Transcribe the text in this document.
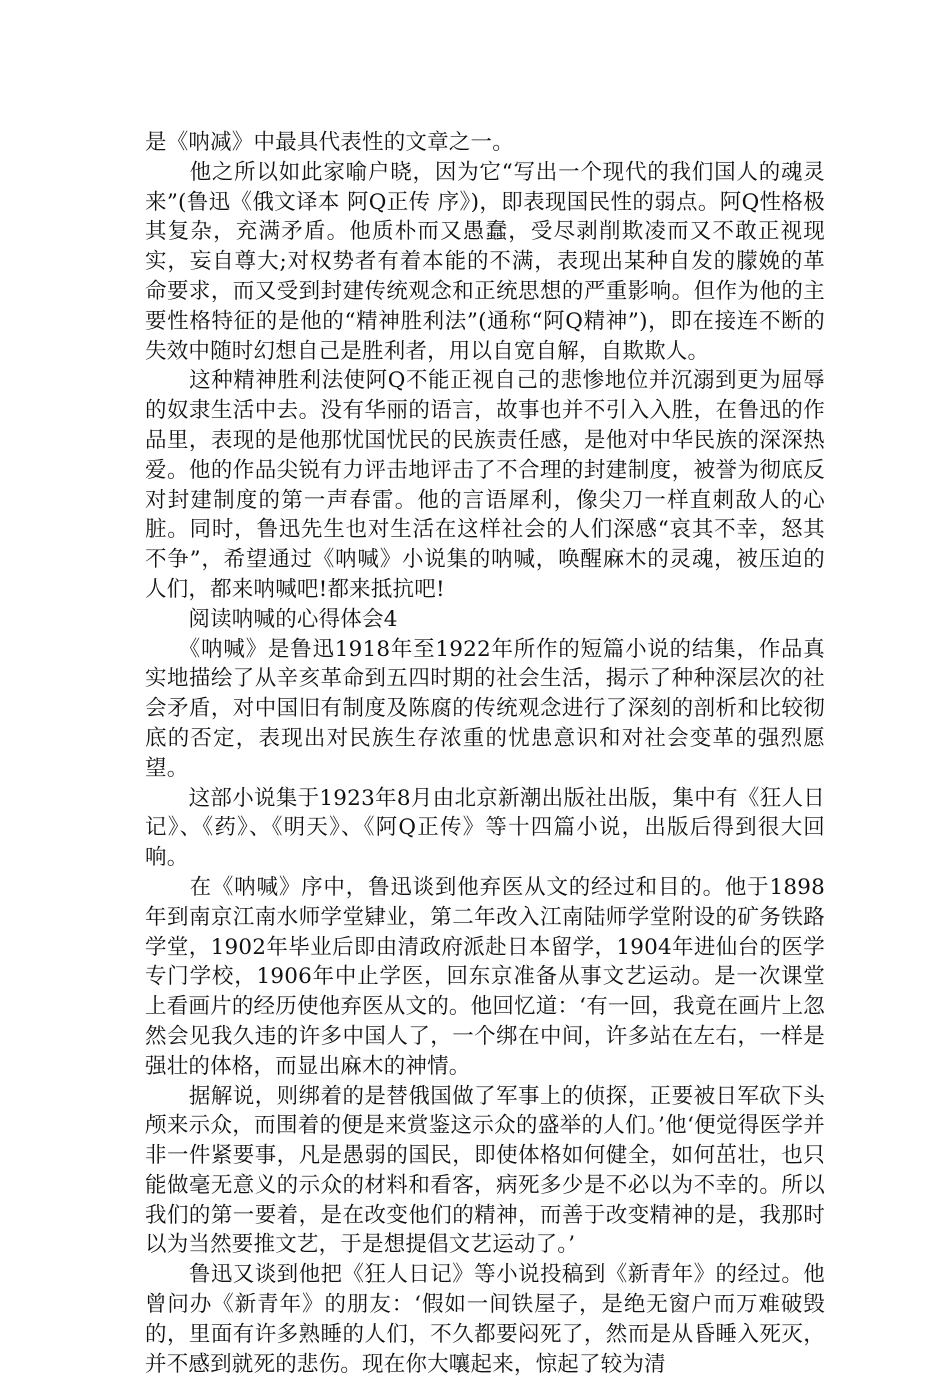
是《呐减》中最具代表性的文章之一。

　　他之所以如此家喻户晓，因为它“写出一个现代的我们国人的魂灵来”(鲁迅《俄文译本 阿Q正传 序》)，即表现国民性的弱点。阿Q性格极其复杂，充满矛盾。他质朴而又愚蠢，受尽剥削欺凌而又不敢正视现实，妄自尊大;对权势者有着本能的不满，表现出某种自发的朦娩的革命要求，而又受到封建传统观念和正统思想的严重影响。但作为他的主要性格特征的是他的“精神胜利法”(通称“阿Q精神”)，即在接连不断的失效中随时幻想自己是胜利者，用以自宽自解，自欺欺人。

　　这种精神胜利法使阿Q不能正视自己的悲惨地位并沉溺到更为屈辱的奴隶生活中去。没有华丽的语言，故事也并不引入入胜，在鲁迅的作品里，表现的是他那忧国忧民的民族责任感，是他对中华民族的深深热爱。他的作品尖锐有力评击地评击了不合理的封建制度，被誉为彻底反对封建制度的第一声春雷。他的言语犀利，像尖刀一样直刺敌人的心脏。同时，鲁迅先生也对生活在这样社会的人们深感“哀其不幸，怒其不争”，希望通过《呐喊》小说集的呐喊，唤醒麻木的灵魂，被压迫的人们，都来呐喊吧!都来抵抗吧!

　　阅读呐喊的心得体会4

　　《呐喊》是鲁迅1918年至1922年所作的短篇小说的结集，作品真实地描绘了从辛亥革命到五四时期的社会生活，揭示了种种深层次的社会矛盾，对中国旧有制度及陈腐的传统观念进行了深刻的剖析和比较彻底的否定，表现出对民族生存浓重的忧患意识和对社会变革的强烈愿望。

　　这部小说集于1923年8月由北京新潮出版社出版，集中有《狂人日记》、《药》、《明天》、《阿Q正传》等十四篇小说，出版后得到很大回响。

　　在《呐喊》序中，鲁迅谈到他弃医从文的经过和目的。他于1898年到南京江南水师学堂肄业，第二年改入江南陆师学堂附设的矿务铁路学堂，1902年毕业后即由清政府派赴日本留学，1904年进仙台的医学专门学校，1906年中止学医，回东京准备从事文艺运动。是一次课堂上看画片的经历使他弃医从文的。他回忆道：‘有一回，我竟在画片上忽然会见我久违的许多中国人了，一个绑在中间，许多站在左右，一样是强壮的体格，而显出麻木的神情。

　　据解说，则绑着的是替俄国做了军事上的侦探，正要被日军砍下头颅来示众，而围着的便是来赏鉴这示众的盛举的人们。’他‘便觉得医学并非一件紧要事，凡是愚弱的国民，即使体格如何健全，如何茁壮，也只能做毫无意义的示众的材料和看客，病死多少是不必以为不幸的。所以我们的第一要着，是在改变他们的精神，而善于改变精神的是，我那时以为当然要推文艺，于是想提倡文艺运动了。’

　　鲁迅又谈到他把《狂人日记》等小说投稿到《新青年》的经过。他曾问办《新青年》的朋友：‘假如一间铁屋子，是绝无窗户而万难破毁的，里面有许多熟睡的人们，不久都要闷死了，然而是从昏睡入死灭，并不感到就死的悲伤。现在你大嚷起来，惊起了较为清
